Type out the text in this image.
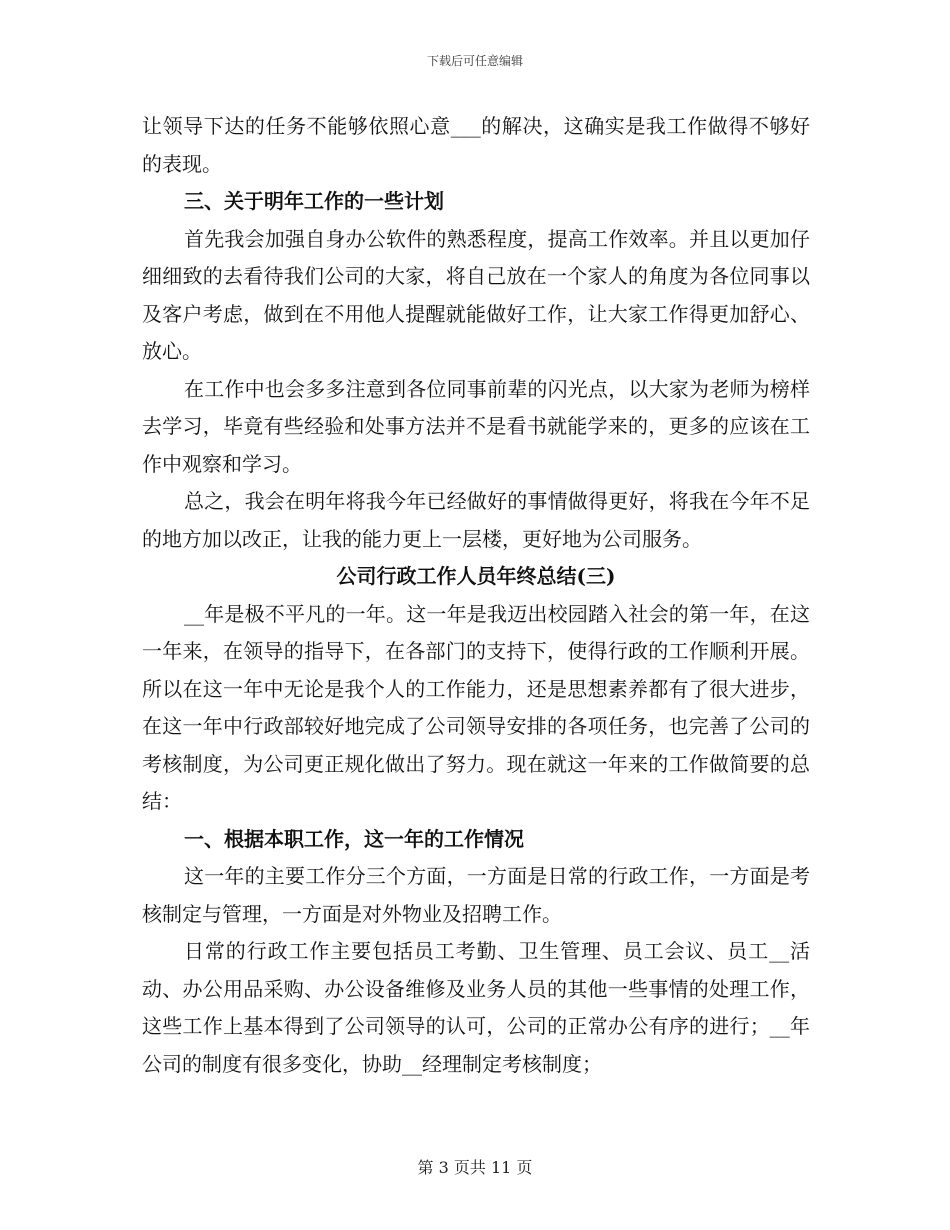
下载后可任意编辑

让领导下达的任务不能够依照心意___的解决，这确实是我工作做得不够好的表现。

三、关于明年工作的一些计划

首先我会加强自身办公软件的熟悉程度，提高工作效率。并且以更加仔细细致的去看待我们公司的大家，将自己放在一个家人的角度为各位同事以及客户考虑，做到在不用他人提醒就能做好工作，让大家工作得更加舒心、放心。

在工作中也会多多注意到各位同事前辈的闪光点，以大家为老师为榜样去学习，毕竟有些经验和处事方法并不是看书就能学来的，更多的应该在工作中观察和学习。

总之，我会在明年将我今年已经做好的事情做得更好，将我在今年不足的地方加以改正，让我的能力更上一层楼，更好地为公司服务。

公司行政工作人员年终总结(三)

__年是极不平凡的一年。这一年是我迈出校园踏入社会的第一年，在这一年来，在领导的指导下，在各部门的支持下，使得行政的工作顺利开展。所以在这一年中无论是我个人的工作能力，还是思想素养都有了很大进步，在这一年中行政部较好地完成了公司领导安排的各项任务，也完善了公司的考核制度，为公司更正规化做出了努力。现在就这一年来的工作做简要的总结：

一、根据本职工作，这一年的工作情况

这一年的主要工作分三个方面，一方面是日常的行政工作，一方面是考核制定与管理，一方面是对外物业及招聘工作。

日常的行政工作主要包括员工考勤、卫生管理、员工会议、员工__活动、办公用品采购、办公设备维修及业务人员的其他一些事情的处理工作，这些工作上基本得到了公司领导的认可，公司的正常办公有序的进行；__年公司的制度有很多变化，协助__经理制定考核制度；

第 3 页共 11 页
